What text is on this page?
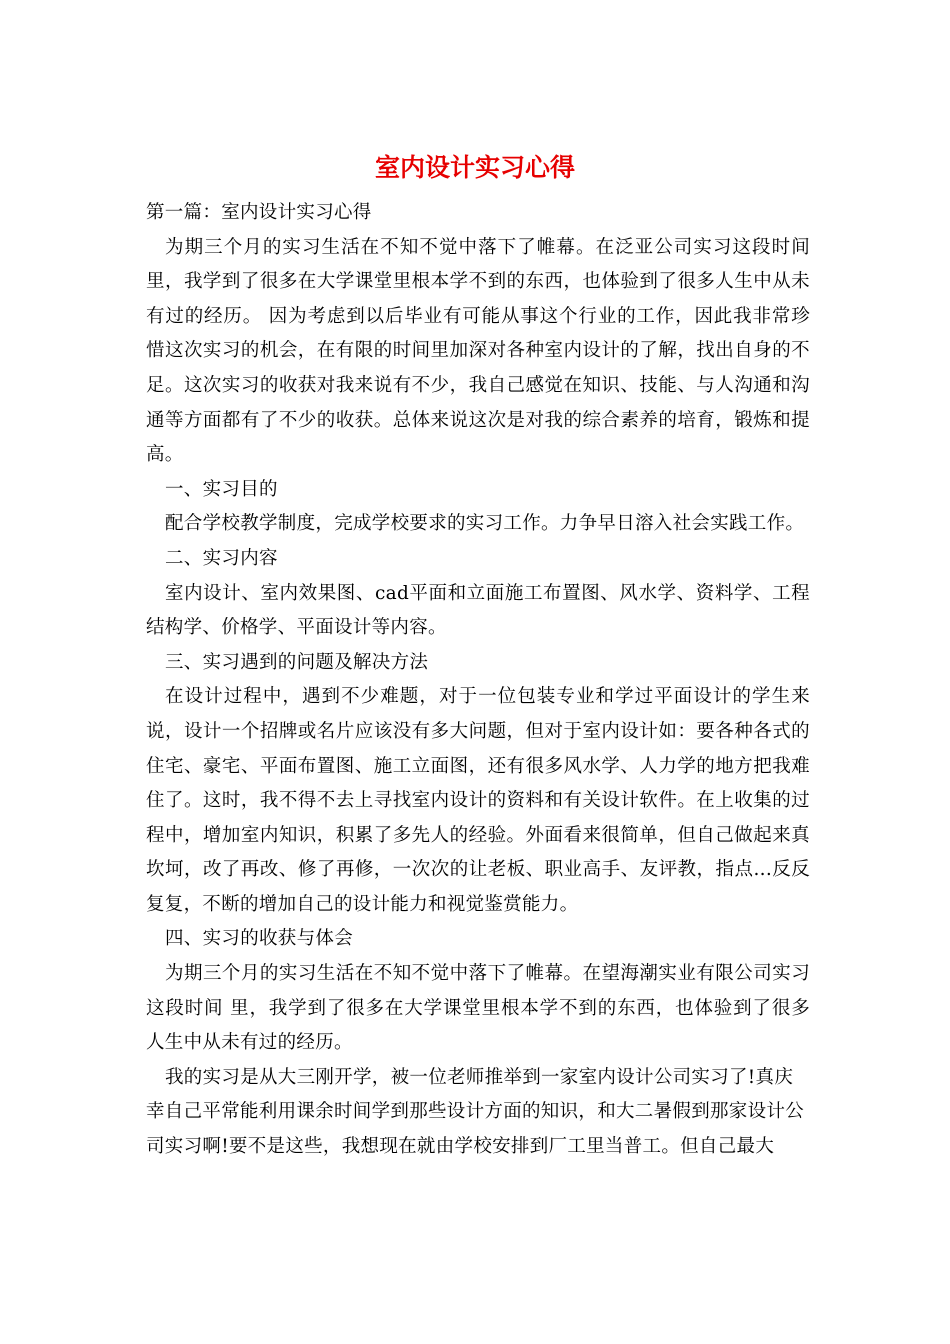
室内设计实习心得

第一篇：室内设计实习心得

为期三个月的实习生活在不知不觉中落下了帷幕。在泛亚公司实习这段时间里，我学到了很多在大学课堂里根本学不到的东西，也体验到了很多人生中从未有过的经历。 因为考虑到以后毕业有可能从事这个行业的工作，因此我非常珍惜这次实习的机会，在有限的时间里加深对各种室内设计的了解，找出自身的不足。这次实习的收获对我来说有不少，我自己感觉在知识、技能、与人沟通和沟通等方面都有了不少的收获。总体来说这次是对我的综合素养的培育，锻炼和提高。

一、实习目的

配合学校教学制度，完成学校要求的实习工作。力争早日溶入社会实践工作。

二、实习内容

室内设计、室内效果图、cad平面和立面施工布置图、风水学、资料学、工程结构学、价格学、平面设计等内容。

三、实习遇到的问题及解决方法

在设计过程中，遇到不少难题，对于一位包装专业和学过平面设计的学生来说，设计一个招牌或名片应该没有多大问题，但对于室内设计如：要各种各式的住宅、豪宅、平面布置图、施工立面图，还有很多风水学、人力学的地方把我难住了。这时，我不得不去上寻找室内设计的资料和有关设计软件。在上收集的过程中，增加室内知识，积累了多先人的经验。外面看来很简单，但自己做起来真坎坷，改了再改、修了再修，一次次的让老板、职业高手、友评教，指点...反反复复，不断的增加自己的设计能力和视觉鉴赏能力。

四、实习的收获与体会

为期三个月的实习生活在不知不觉中落下了帷幕。在望海潮实业有限公司实习这段时间 里，我学到了很多在大学课堂里根本学不到的东西，也体验到了很多人生中从未有过的经历。

我的实习是从大三刚开学，被一位老师推举到一家室内设计公司实习了!真庆幸自己平常能利用课余时间学到那些设计方面的知识，和大二暑假到那家设计公司实习啊!要不是这些，我想现在就由学校安排到厂工里当普工。但自己最大
